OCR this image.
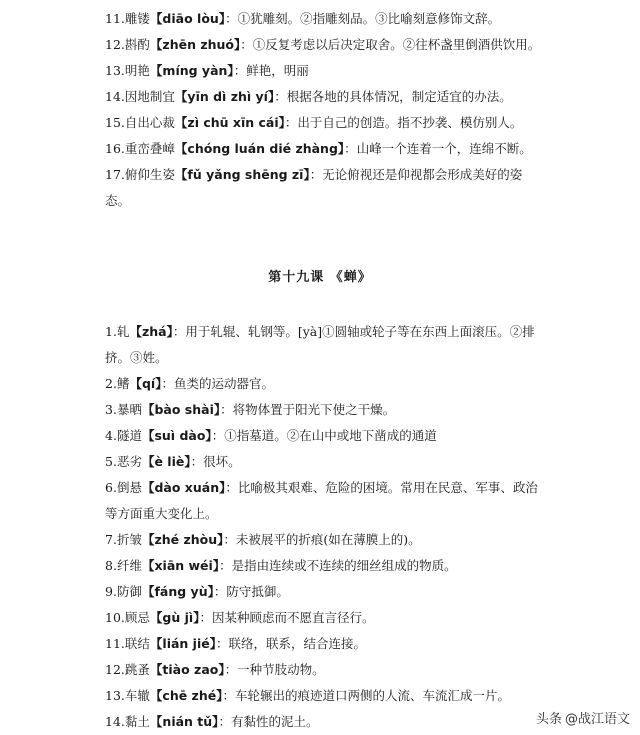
11.雕镂【diāo lòu】：①犹雕刻。②指雕刻品。③比喻刻意修饰文辞。

12.斟酌【zhēn zhuó】：①反复考虑以后决定取舍。②往杯盏里倒酒供饮用。

13.明艳【míng yàn】：鲜艳，明丽

14.因地制宜【yīn dì zhì yí】：根据各地的具体情况，制定适宜的办法。

15.自出心裁【zì chū xīn cái】：出于自己的创造。指不抄袭、模仿别人。

16.重峦叠嶂【chóng luán dié zhàng】：山峰一个连着一个，连绵不断。

17.俯仰生姿【fǔ yǎng shēng zī】：无论俯视还是仰视都会形成美好的姿态。

第十九课 《蝉》

1.轧【zhá】：用于轧辊、轧钢等。[yà]①圆轴或轮子等在东西上面滚压。②排挤。③姓。

2.鳍【qí】：鱼类的运动器官。

3.暴晒【bào shài】：将物体置于阳光下使之干燥。

4.隧道【suì dào】：①指墓道。②在山中或地下凿成的通道

5.恶劣【è liè】：很坏。

6.倒悬【dào xuán】：比喻极其艰难、危险的困境。常用在民意、军事、政治等方面重大变化上。

7.折皱【zhé zhòu】：未被展平的折痕(如在薄膜上的)。

8.纤维【xiān wéi】：是指由连续或不连续的细丝组成的物质。

9.防御【fáng yù】：防守抵御。

10.顾忌【gù jì】：因某种顾虑而不愿直言径行。

11.联结【lián jié】：联络，联系，结合连接。

12.跳蚤【tiào zao】：一种节肢动物。

13.车辙【chē zhé】：车轮辗出的痕迹道口两侧的人流、车流汇成一片。

14.黏土【nián tǔ】：有黏性的泥土。	头条 @战江语文
